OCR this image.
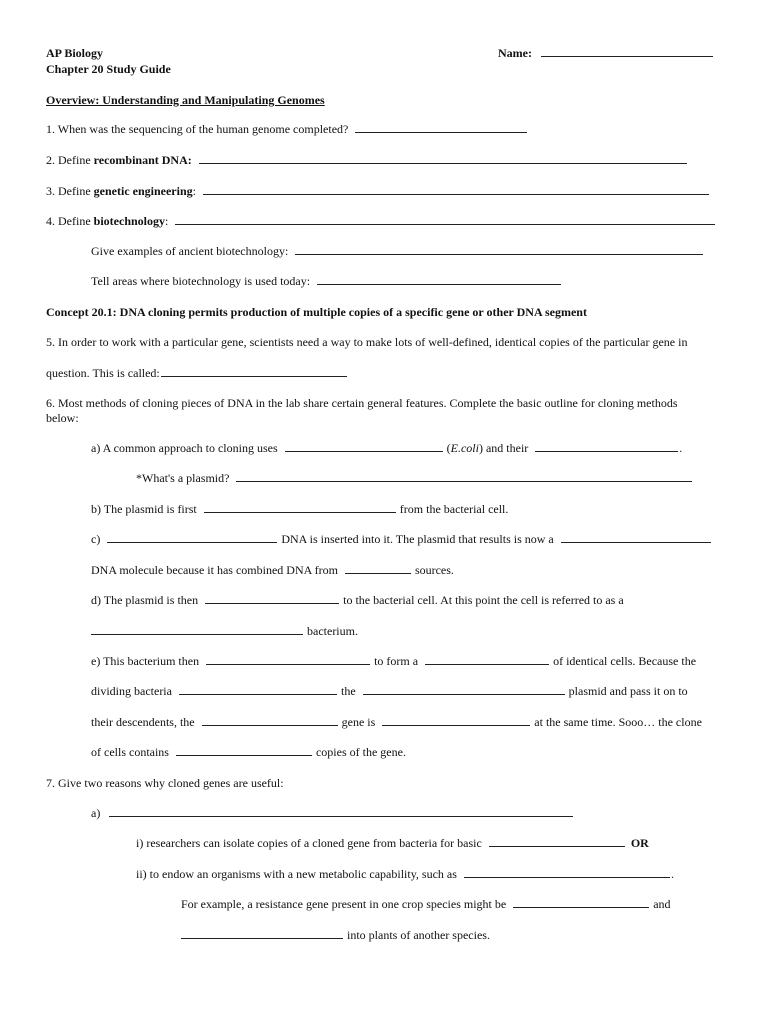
AP Biology	Name:
Chapter 20 Study Guide
Overview: Understanding and Manipulating Genomes
1. When was the sequencing of the human genome completed?
2. Define recombinant DNA:
3. Define genetic engineering:
4. Define biotechnology:
Give examples of ancient biotechnology:
Tell areas where biotechnology is used today:
Concept 20.1: DNA cloning permits production of multiple copies of a specific gene or other DNA segment
5. In order to work with a particular gene, scientists need a way to make lots of well-defined, identical copies of the particular gene in
question. This is called:
6. Most methods of cloning pieces of DNA in the lab share certain general features. Complete the basic outline for cloning methods
below:
a) A common approach to cloning uses	(E.coli) and their	.
*What's a plasmid?
b) The plasmid is first	from the bacterial cell.
c)	DNA is inserted into it. The plasmid that results is now a
DNA molecule because it has combined DNA from	sources.
d) The plasmid is then	to the bacterial cell. At this point the cell is referred to as a
bacterium.
e) This bacterium then	to form a	of identical cells. Because the
dividing bacteria	the	plasmid and pass it on to
their descendents, the	gene is	at the same time. Sooo… the clone
of cells contains	copies of the gene.
7. Give two reasons why cloned genes are useful:
a)
i) researchers can isolate copies of a cloned gene from bacteria for basic	OR
ii) to endow an organisms with a new metabolic capability, such as	.
For example, a resistance gene present in one crop species might be	and
into plants of another species.
